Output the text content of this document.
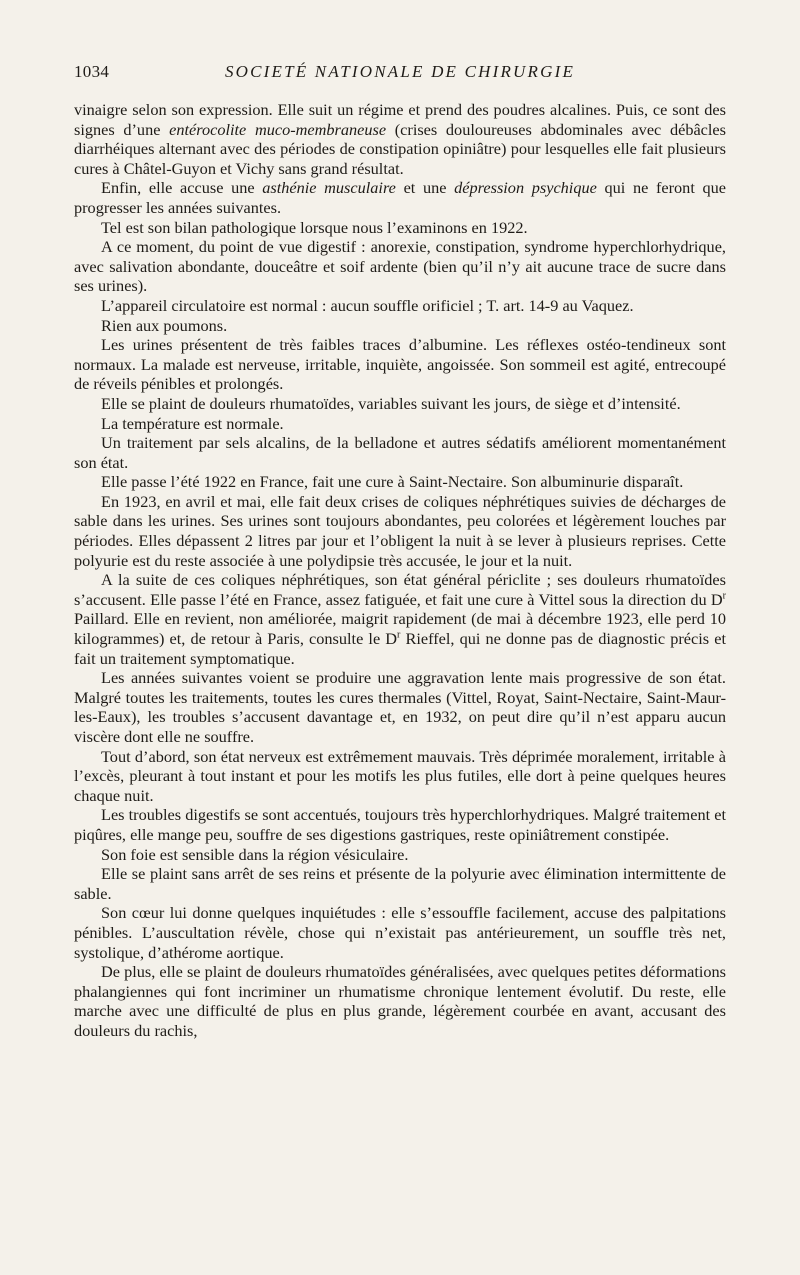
1034	SOCIETÉ NATIONALE DE CHIRURGIE

vinaigre selon son expression. Elle suit un régime et prend des poudres alcalines. Puis, ce sont des signes d’une entérocolite muco-membraneuse (crises douloureuses abdominales avec débâcles diarrhéiques alternant avec des périodes de constipation opiniâtre) pour lesquelles elle fait plusieurs cures à Châtel-Guyon et Vichy sans grand résultat.

Enfin, elle accuse une asthénie musculaire et une dépression psychique qui ne feront que progresser les années suivantes.

Tel est son bilan pathologique lorsque nous l’examinons en 1922.

A ce moment, du point de vue digestif : anorexie, constipation, syndrome hyperchlorhydrique, avec salivation abondante, douceâtre et soif ardente (bien qu’il n’y ait aucune trace de sucre dans ses urines).

L’appareil circulatoire est normal : aucun souffle orificiel ; T. art. 14-9 au Vaquez.

Rien aux poumons.

Les urines présentent de très faibles traces d’albumine. Les réflexes ostéo-tendineux sont normaux. La malade est nerveuse, irritable, inquiète, angoissée. Son sommeil est agité, entrecoupé de réveils pénibles et prolongés.

Elle se plaint de douleurs rhumatoïdes, variables suivant les jours, de siège et d’intensité.

La température est normale.

Un traitement par sels alcalins, de la belladone et autres sédatifs améliorent momentanément son état.

Elle passe l’été 1922 en France, fait une cure à Saint-Nectaire. Son albuminurie disparaît.

En 1923, en avril et mai, elle fait deux crises de coliques néphrétiques suivies de décharges de sable dans les urines. Ses urines sont toujours abondantes, peu colorées et légèrement louches par périodes. Elles dépassent 2 litres par jour et l’obligent la nuit à se lever à plusieurs reprises. Cette polyurie est du reste associée à une polydipsie très accusée, le jour et la nuit.

A la suite de ces coliques néphrétiques, son état général périclite ; ses douleurs rhumatoïdes s’accusent. Elle passe l’été en France, assez fatiguée, et fait une cure à Vittel sous la direction du $D^r$ Paillard. Elle en revient, non améliorée, maigrit rapidement (de mai à décembre 1923, elle perd 10 kilogrammes) et, de retour à Paris, consulte le $D^r$ Rieffel, qui ne donne pas de diagnostic précis et fait un traitement symptomatique.

Les années suivantes voient se produire une aggravation lente mais progressive de son état. Malgré toutes les traitements, toutes les cures thermales (Vittel, Royat, Saint-Nectaire, Saint-Maur-les-Eaux), les troubles s’accusent davantage et, en 1932, on peut dire qu’il n’est apparu aucun viscère dont elle ne souffre.

Tout d’abord, son état nerveux est extrêmement mauvais. Très déprimée moralement, irritable à l’excès, pleurant à tout instant et pour les motifs les plus futiles, elle dort à peine quelques heures chaque nuit.

Les troubles digestifs se sont accentués, toujours très hyperchlorhydriques. Malgré traitement et piqûres, elle mange peu, souffre de ses digestions gastriques, reste opiniâtrement constipée.

Son foie est sensible dans la région vésiculaire.

Elle se plaint sans arrêt de ses reins et présente de la polyurie avec élimination intermittente de sable.

Son cœur lui donne quelques inquiétudes : elle s’essouffle facilement, accuse des palpitations pénibles. L’auscultation révèle, chose qui n’existait pas antérieurement, un souffle très net, systolique, d’athérome aortique.

De plus, elle se plaint de douleurs rhumatoïdes généralisées, avec quelques petites déformations phalangiennes qui font incriminer un rhumatisme chronique lentement évolutif. Du reste, elle marche avec une difficulté de plus en plus grande, légèrement courbée en avant, accusant des douleurs du rachis,
